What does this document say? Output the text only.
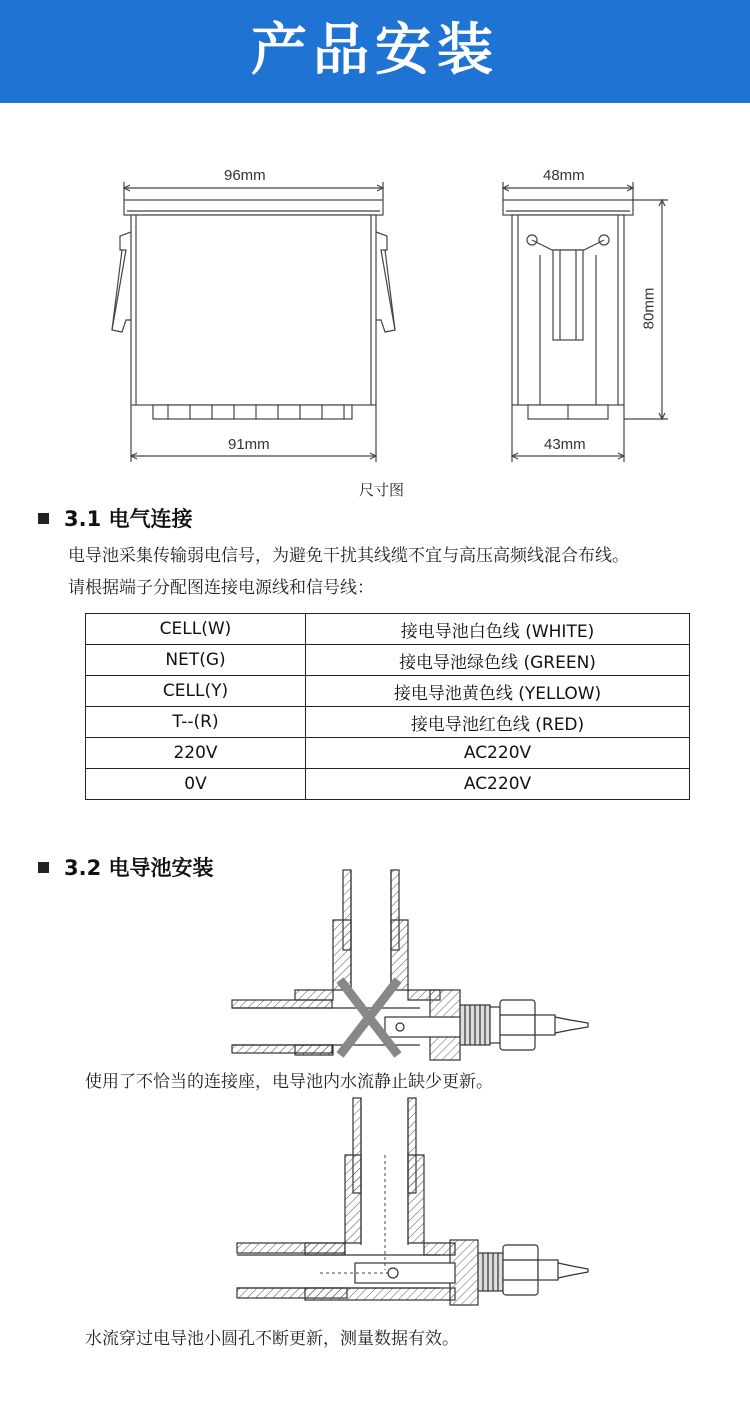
产品安装
96mm
91mm
48mm
43mm
80mm
尺寸图
3.1 电气连接
电导池采集传输弱电信号，为避免干扰其线缆不宜与高压高频线混合布线。
请根据端子分配图连接电源线和信号线：
CELL(W)	接电导池白色线 (WHITE)
NET(G)	接电导池绿色线 (GREEN)
CELL(Y)	接电导池黄色线 (YELLOW)
T--(R)	接电导池红色线 (RED)
220V	AC220V
0V	AC220V
3.2 电导池安装
使用了不恰当的连接座，电导池内水流静止缺少更新。
水流穿过电导池小圆孔不断更新，测量数据有效。
